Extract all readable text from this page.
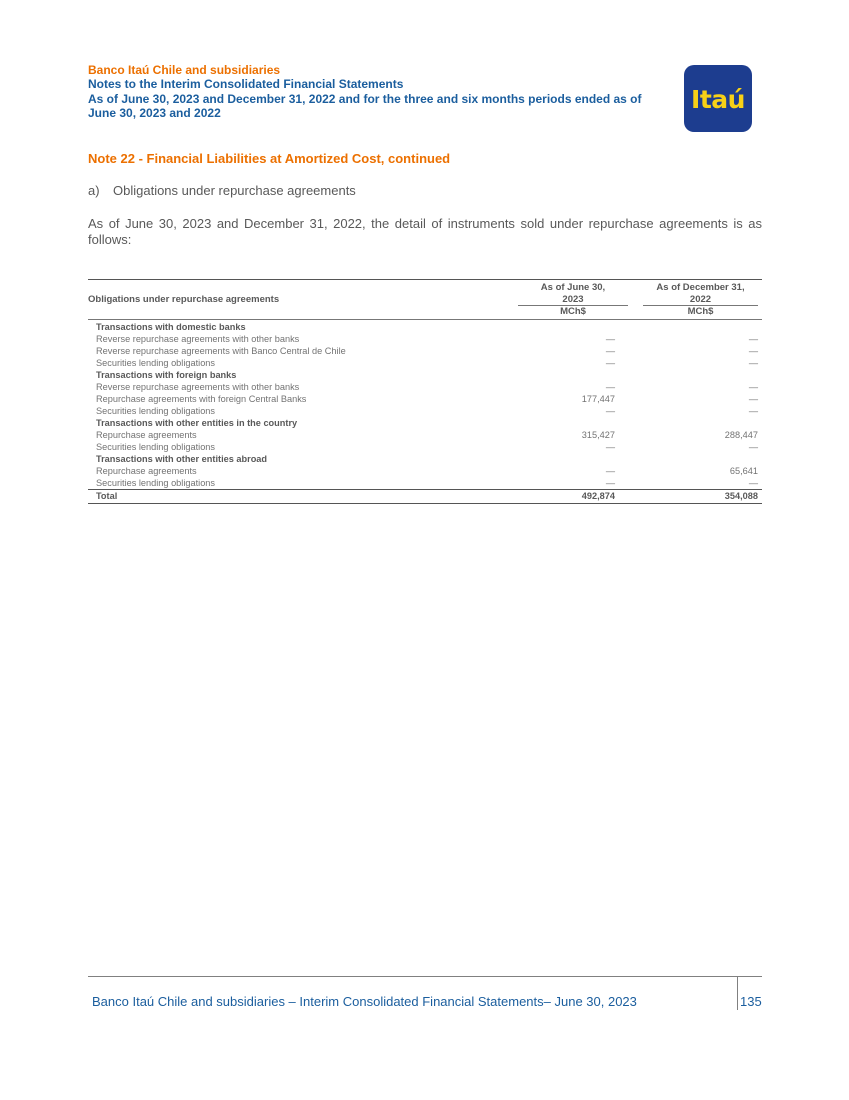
Banco Itaú Chile and subsidiaries
Notes to the Interim Consolidated Financial Statements
As of June 30, 2023 and December 31, 2022 and for the three and six months periods ended as of
June 30, 2023 and 2022	Itaú
Note 22 - Financial Liabilities at Amortized Cost, continued
a) Obligations under repurchase agreements
As of June 30, 2023 and December 31, 2022, the detail of instruments sold under repurchase agreements is as follows:
Obligations under repurchase agreements
As of June 30,
2023
MCh$
As of December 31,
2022
MCh$
Transactions with domestic banks
Reverse repurchase agreements with other banks	—	—
Reverse repurchase agreements with Banco Central de Chile	—	—
Securities lending obligations	—	—
Transactions with foreign banks
Reverse repurchase agreements with other banks	—	—
Repurchase agreements with foreign Central Banks	177,447	—
Securities lending obligations	—	—
Transactions with other entities in the country
Repurchase agreements	315,427	288,447
Securities lending obligations	—	—
Transactions with other entities abroad
Repurchase agreements	—	65,641
Securities lending obligations	—	—
Total	492,874	354,088
Banco Itaú Chile and subsidiaries – Interim Consolidated Financial Statements– June 30, 2023	135
